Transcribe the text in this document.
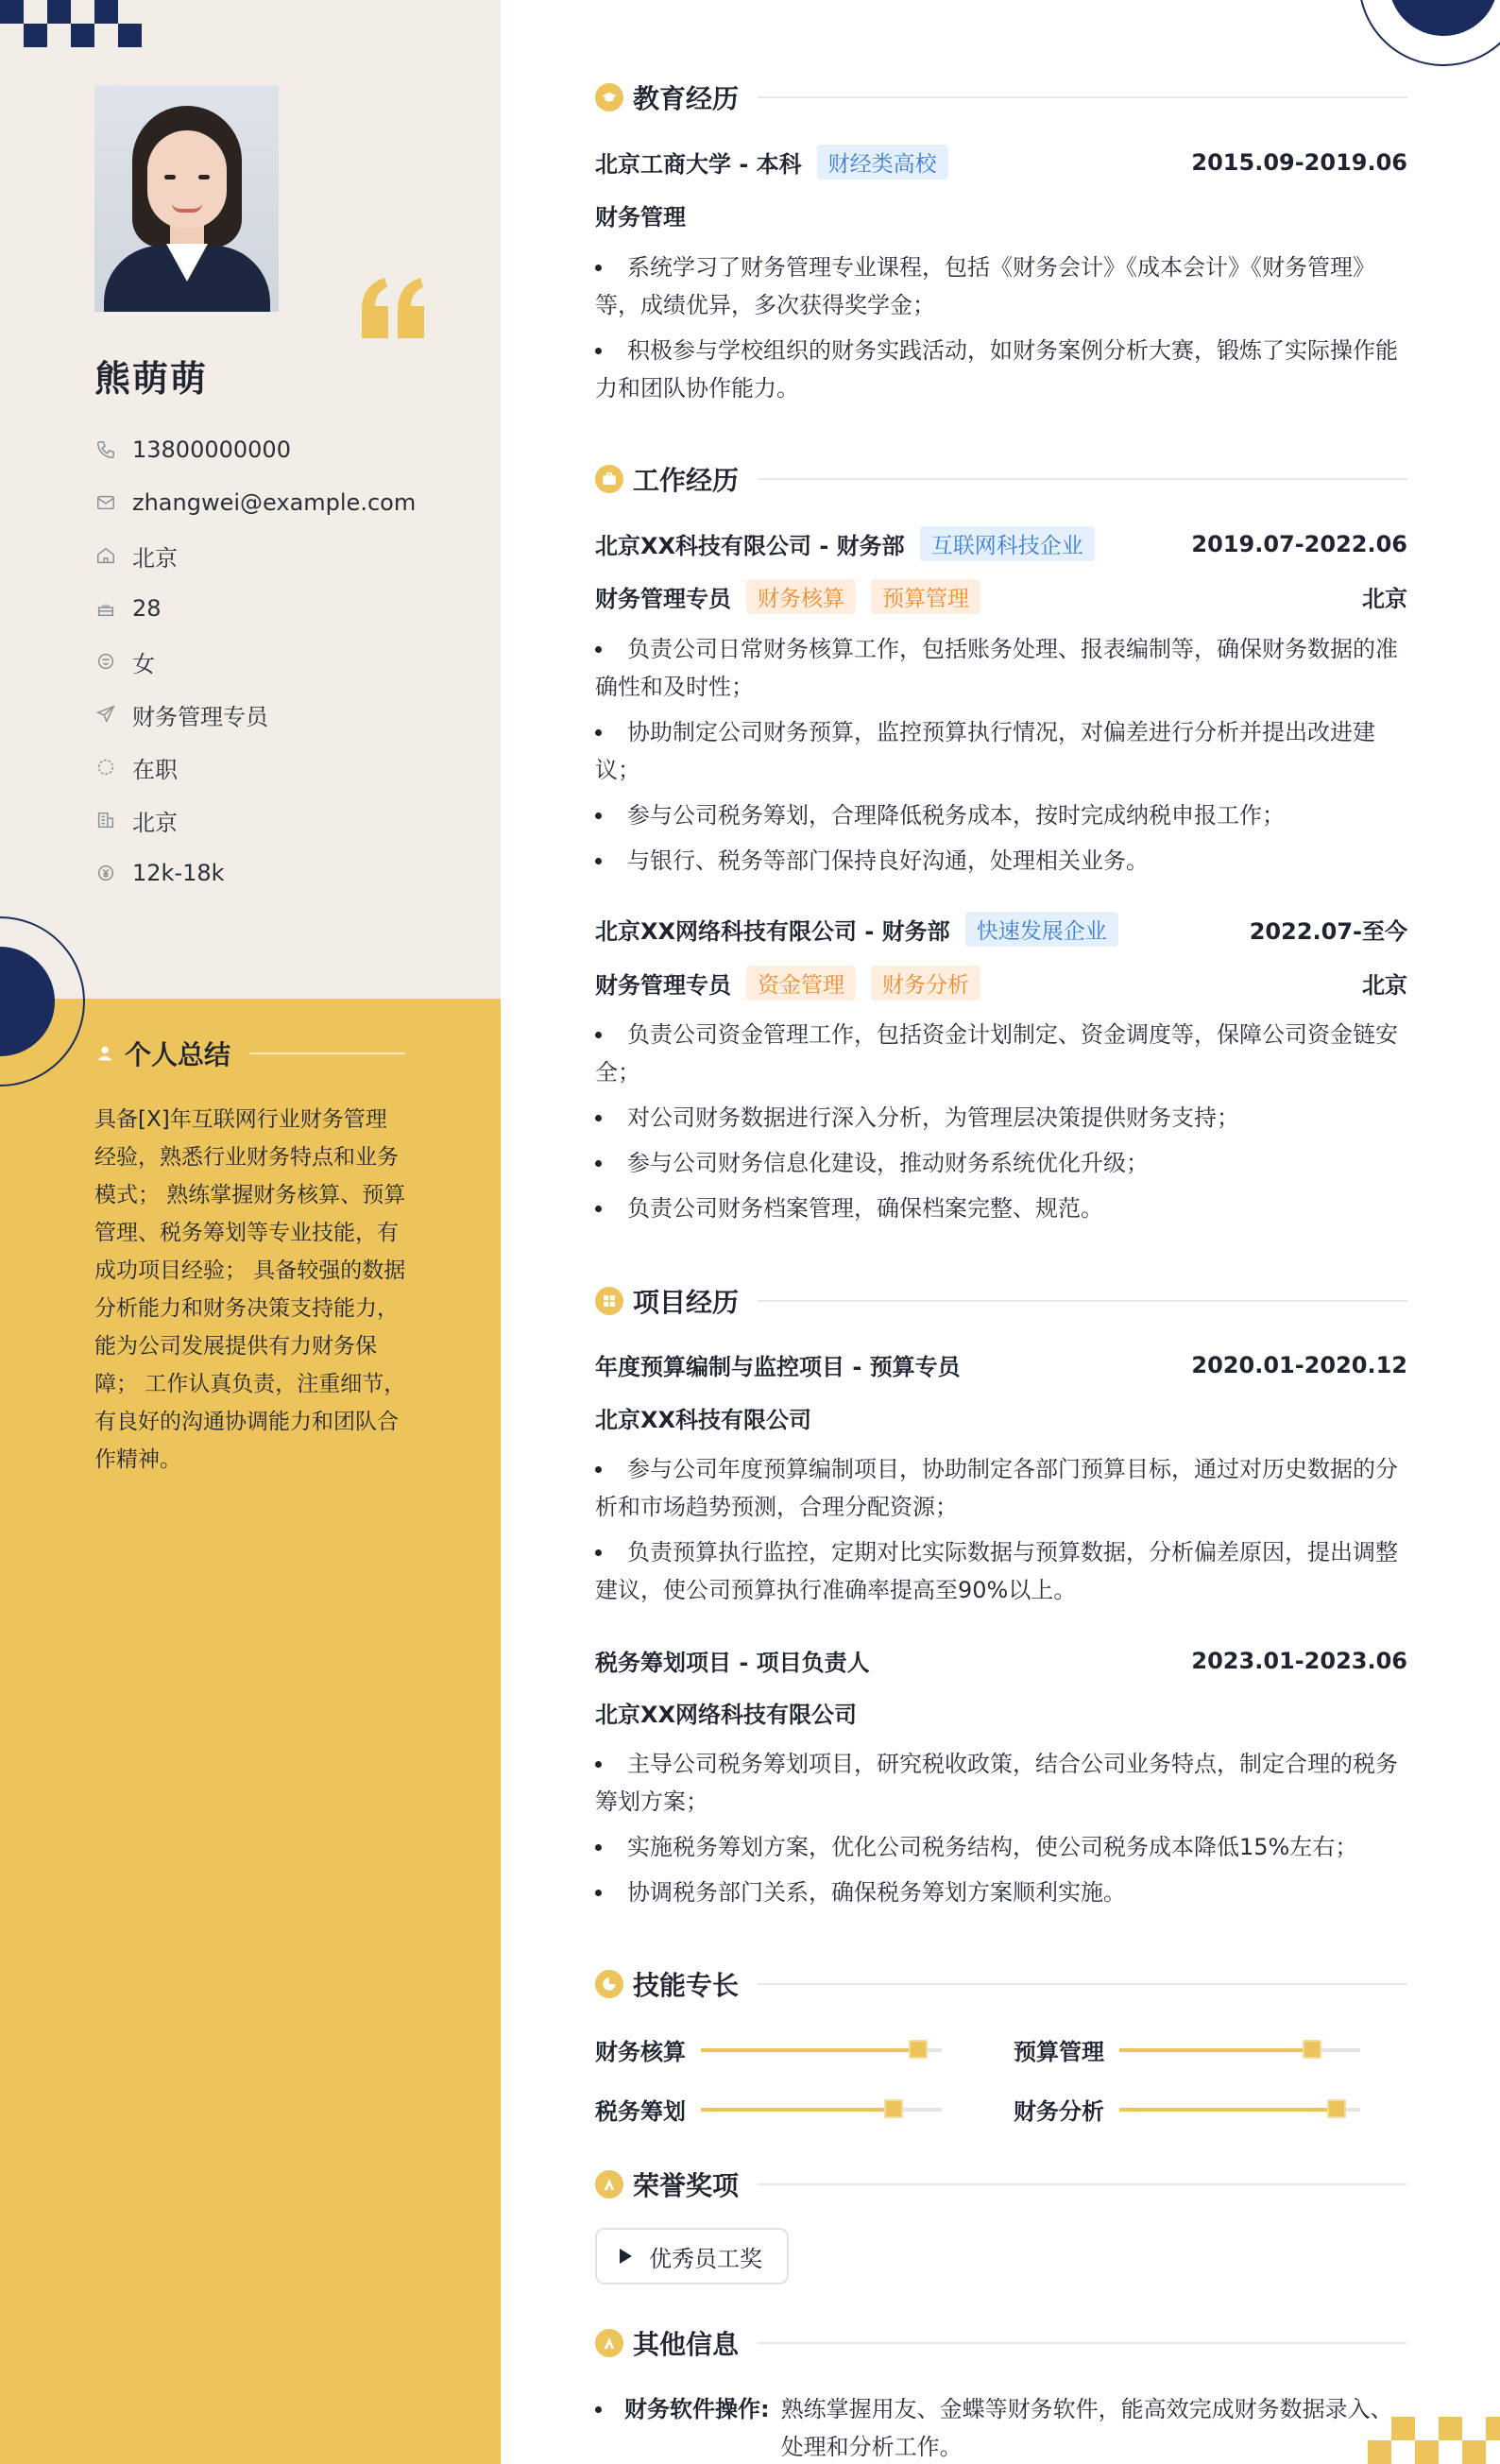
熊萌萌
13800000000
zhangwei@example.com
北京
28
女
财务管理专员
在职
北京
12k-18k
个人总结
具备[X]年互联网行业财务管理经验，熟悉行业财务特点和业务模式； 熟练掌握财务核算、预算管理、税务筹划等专业技能，有成功项目经验； 具备较强的数据分析能力和财务决策支持能力，能为公司发展提供有力财务保障； 工作认真负责，注重细节，有良好的沟通协调能力和团队合作精神。
教育经历
北京工商大学 - 本科	财经类高校	2015.09-2019.06
财务管理
系统学习了财务管理专业课程，包括《财务会计》《成本会计》《财务管理》等，成绩优异，多次获得奖学金；
积极参与学校组织的财务实践活动，如财务案例分析大赛，锻炼了实际操作能力和团队协作能力。
工作经历
北京XX科技有限公司 - 财务部	互联网科技企业	2019.07-2022.06
财务管理专员	财务核算	预算管理	北京
负责公司日常财务核算工作，包括账务处理、报表编制等，确保财务数据的准确性和及时性；
协助制定公司财务预算，监控预算执行情况，对偏差进行分析并提出改进建议；
参与公司税务筹划，合理降低税务成本，按时完成纳税申报工作；
与银行、税务等部门保持良好沟通，处理相关业务。
北京XX网络科技有限公司 - 财务部	快速发展企业	2022.07-至今
财务管理专员	资金管理	财务分析	北京
负责公司资金管理工作，包括资金计划制定、资金调度等，保障公司资金链安全；
对公司财务数据进行深入分析，为管理层决策提供财务支持；
参与公司财务信息化建设，推动财务系统优化升级；
负责公司财务档案管理，确保档案完整、规范。
项目经历
年度预算编制与监控项目 - 预算专员	2020.01-2020.12
北京XX科技有限公司
参与公司年度预算编制项目，协助制定各部门预算目标，通过对历史数据的分析和市场趋势预测，合理分配资源；
负责预算执行监控，定期对比实际数据与预算数据，分析偏差原因，提出调整建议，使公司预算执行准确率提高至90%以上。
税务筹划项目 - 项目负责人	2023.01-2023.06
北京XX网络科技有限公司
主导公司税务筹划项目，研究税收政策，结合公司业务特点，制定合理的税务筹划方案；
实施税务筹划方案，优化公司税务结构，使公司税务成本降低15%左右；
协调税务部门关系，确保税务筹划方案顺利实施。
技能专长
财务核算	预算管理
税务筹划	财务分析
荣誉奖项
优秀员工奖
其他信息
财务软件操作: 熟练掌握用友、金蝶等财务软件，能高效完成财务数据录入、处理和分析工作。
